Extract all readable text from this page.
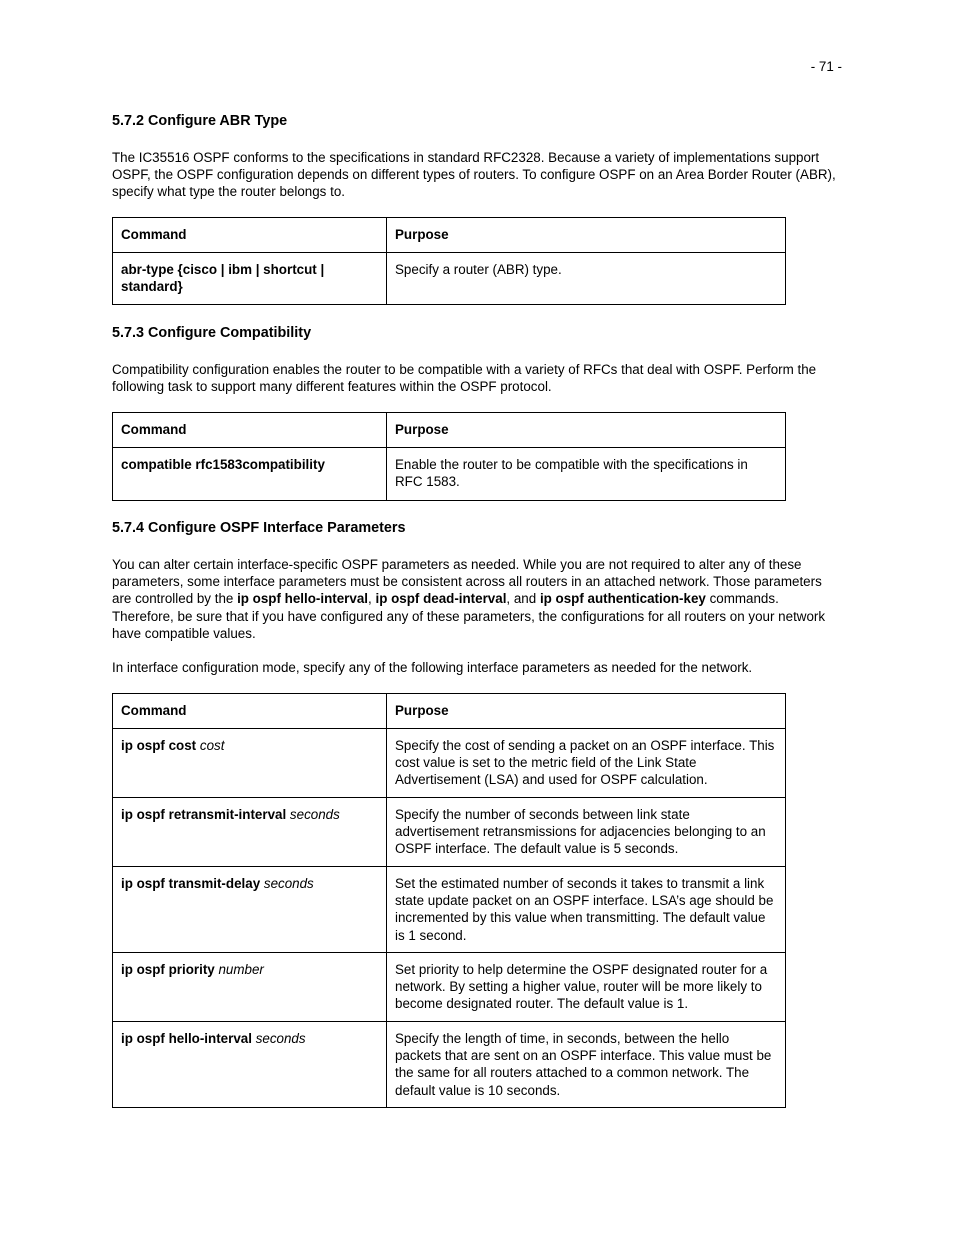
- 71 -
5.7.2 Configure ABR Type

The IC35516 OSPF conforms to the specifications in standard RFC2328. Because a variety of implementations support OSPF, the OSPF configuration depends on different types of routers. To configure OSPF on an Area Border Router (ABR), specify what type the router belongs to.

Command	Purpose
abr-type {cisco | ibm | shortcut | standard}	Specify a router (ABR) type.
5.7.3 Configure Compatibility

Compatibility configuration enables the router to be compatible with a variety of RFCs that deal with OSPF. Perform the following task to support many different features within the OSPF protocol.

Command	Purpose
compatible rfc1583compatibility	Enable the router to be compatible with the specifications in RFC 1583.
5.7.4 Configure OSPF Interface Parameters

You can alter certain interface-specific OSPF parameters as needed. While you are not required to alter any of these parameters, some interface parameters must be consistent across all routers in an attached network. Those parameters are controlled by the ip ospf hello-interval, ip ospf dead-interval, and ip ospf authentication-key commands. Therefore, be sure that if you have configured any of these parameters, the configurations for all routers on your network have compatible values.

In interface configuration mode, specify any of the following interface parameters as needed for the network.

Command	Purpose
ip ospf cost cost	Specify the cost of sending a packet on an OSPF interface. This cost value is set to the metric field of the Link State Advertisement (LSA) and used for OSPF calculation.
ip ospf retransmit-interval seconds	Specify the number of seconds between link state advertisement retransmissions for adjacencies belonging to an OSPF interface. The default value is 5 seconds.
ip ospf transmit-delay seconds	Set the estimated number of seconds it takes to transmit a link state update packet on an OSPF interface. LSA’s age should be incremented by this value when transmitting. The default value is 1 second.
ip ospf priority number	Set priority to help determine the OSPF designated router for a network. By setting a higher value, router will be more likely to become designated router. The default value is 1.
ip ospf hello-interval seconds	Specify the length of time, in seconds, between the hello packets that are sent on an OSPF interface. This value must be the same for all routers attached to a common network. The default value is 10 seconds.
